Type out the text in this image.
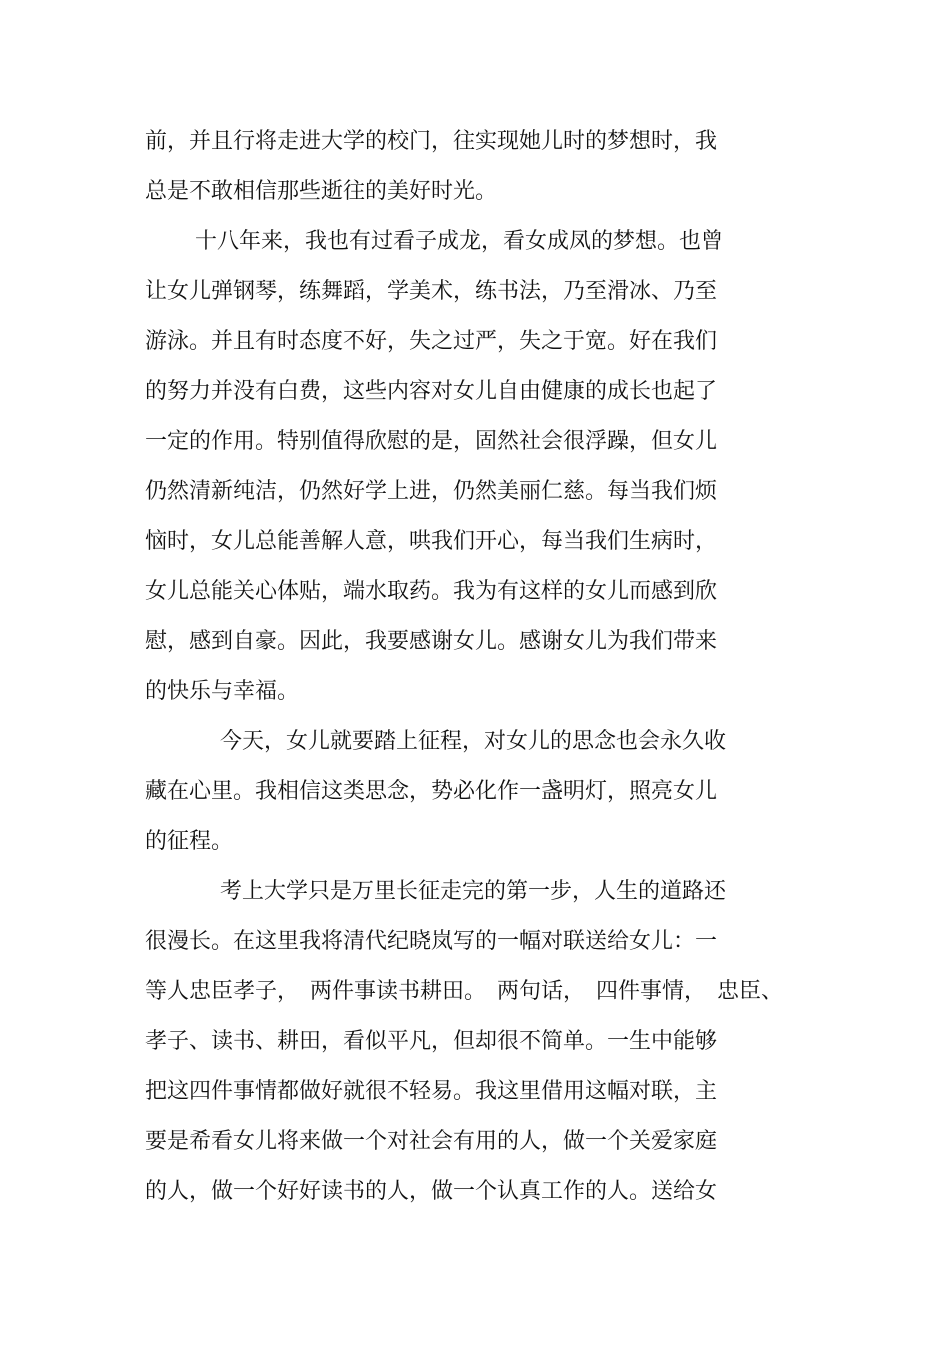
前，并且行将走进大学的校门，往实现她儿时的梦想时，我

总是不敢相信那些逝往的美好时光。

十八年来，我也有过看子成龙，看女成凤的梦想。也曾

让女儿弹钢琴，练舞蹈，学美术，练书法，乃至滑冰、乃至

游泳。并且有时态度不好，失之过严，失之于宽。好在我们

的努力并没有白费，这些内容对女儿自由健康的成长也起了

一定的作用。特别值得欣慰的是，固然社会很浮躁，但女儿

仍然清新纯洁，仍然好学上进，仍然美丽仁慈。每当我们烦

恼时，女儿总能善解人意，哄我们开心，每当我们生病时，

女儿总能关心体贴，端水取药。我为有这样的女儿而感到欣

慰，感到自豪。因此，我要感谢女儿。感谢女儿为我们带来

的快乐与幸福。

今天，女儿就要踏上征程，对女儿的思念也会永久收

藏在心里。我相信这类思念，势必化作一盏明灯，照亮女儿

的征程。

考上大学只是万里长征走完的第一步，人生的道路还

很漫长。在这里我将清代纪晓岚写的一幅对联送给女儿：一

等人忠臣孝子，　两件事读书耕田。　两句话，　四件事情，　忠臣、

孝子、读书、耕田，看似平凡，但却很不简单。一生中能够

把这四件事情都做好就很不轻易。我这里借用这幅对联，主

要是希看女儿将来做一个对社会有用的人，做一个关爱家庭

的人，做一个好好读书的人，做一个认真工作的人。送给女
